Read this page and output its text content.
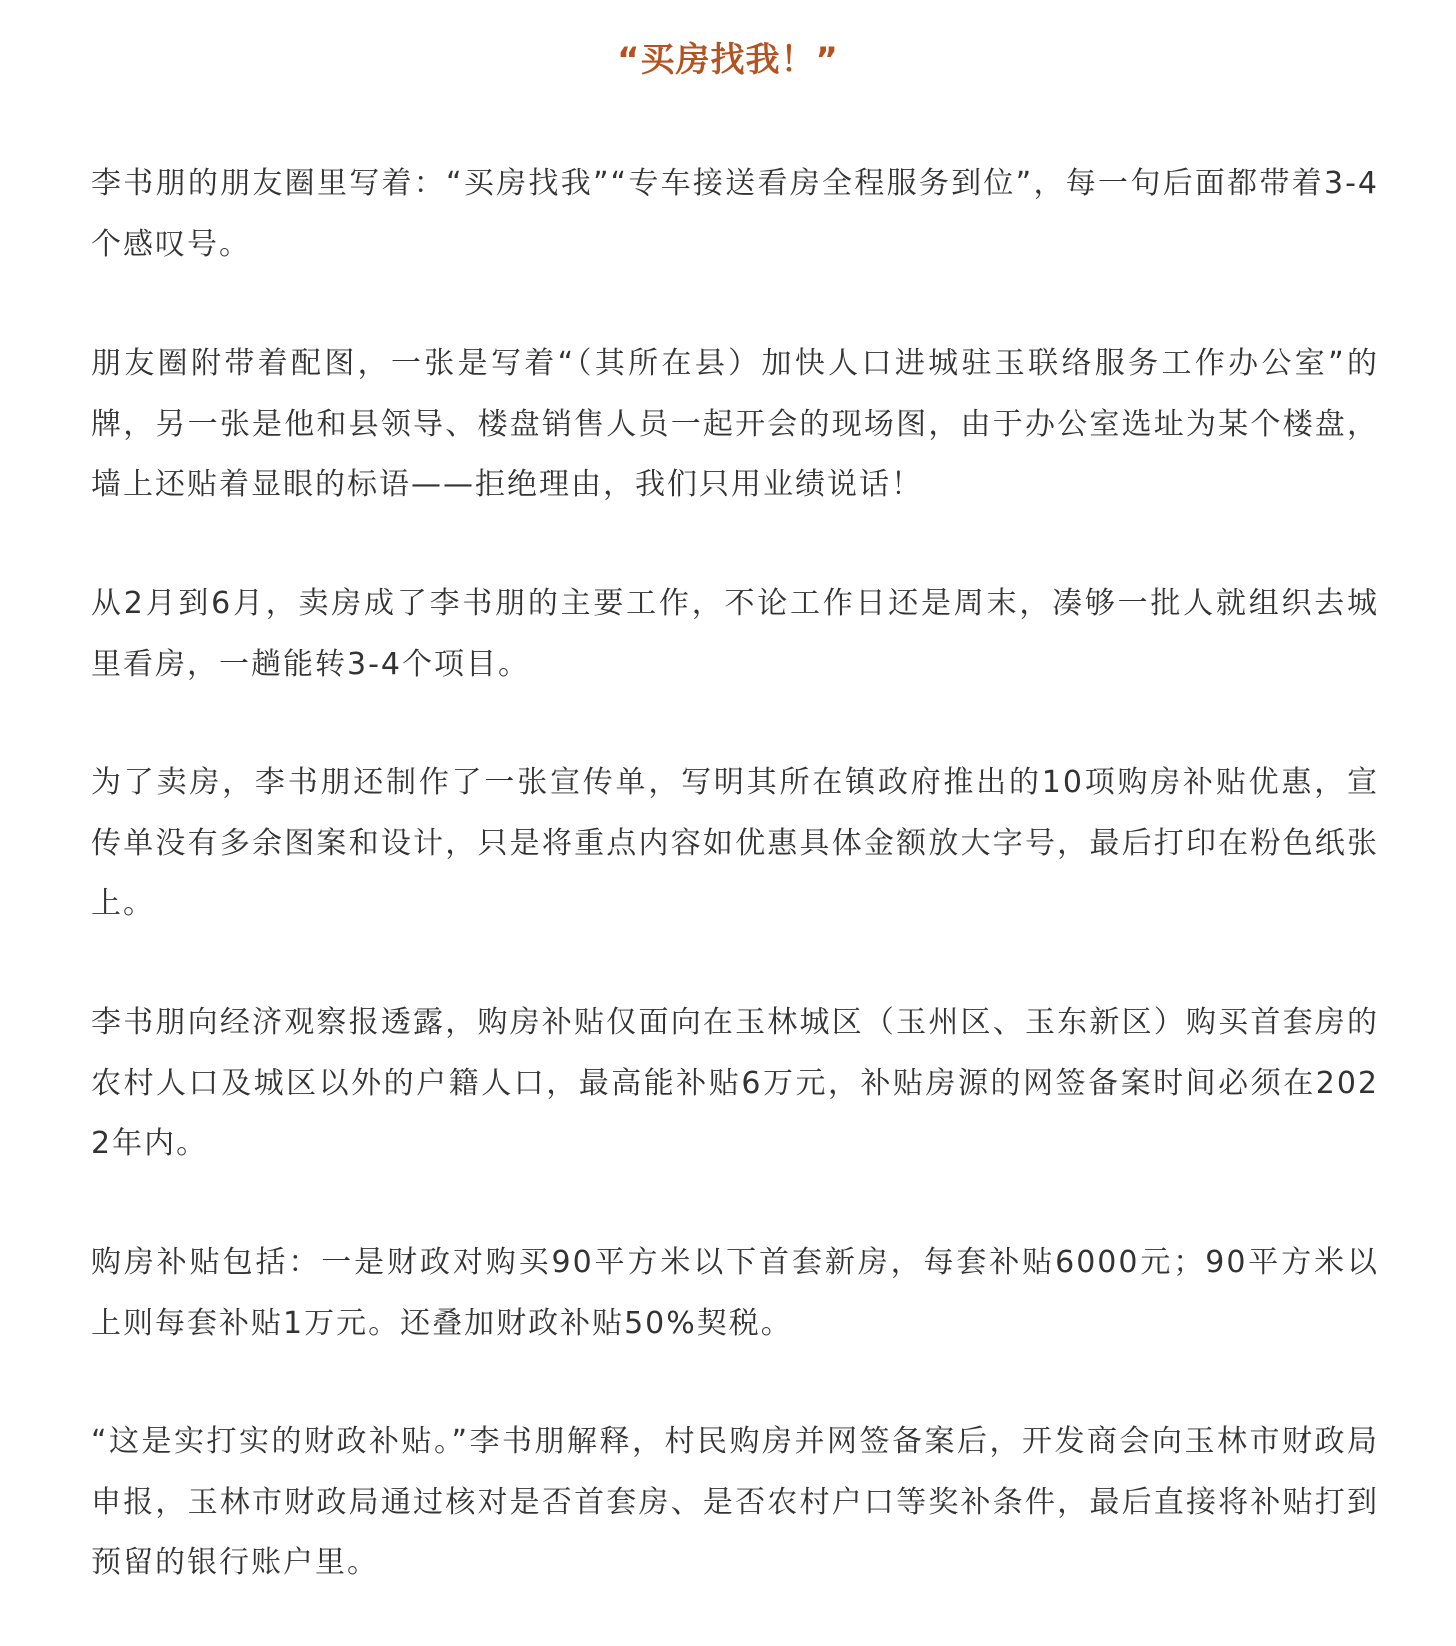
“买房找我！”

李书朋的朋友圈里写着：“买房找我”“专车接送看房全程服务到位”，每一句后面都带着3-4个感叹号。

朋友圈附带着配图，一张是写着“（其所在县）加快人口进城驻玉联络服务工作办公室”的牌，另一张是他和县领导、楼盘销售人员一起开会的现场图，由于办公室选址为某个楼盘，墙上还贴着显眼的标语——拒绝理由，我们只用业绩说话！

从2月到6月，卖房成了李书朋的主要工作，不论工作日还是周末，凑够一批人就组织去城里看房，一趟能转3-4个项目。

为了卖房，李书朋还制作了一张宣传单，写明其所在镇政府推出的10项购房补贴优惠，宣传单没有多余图案和设计，只是将重点内容如优惠具体金额放大字号，最后打印在粉色纸张上。

李书朋向经济观察报透露，购房补贴仅面向在玉林城区（玉州区、玉东新区）购买首套房的农村人口及城区以外的户籍人口，最高能补贴6万元，补贴房源的网签备案时间必须在2022年内。

购房补贴包括：一是财政对购买90平方米以下首套新房，每套补贴6000元；90平方米以上则每套补贴1万元。还叠加财政补贴50%契税。

“这是实打实的财政补贴。”李书朋解释，村民购房并网签备案后，开发商会向玉林市财政局申报，玉林市财政局通过核对是否首套房、是否农村户口等奖补条件，最后直接将补贴打到预留的银行账户里。
